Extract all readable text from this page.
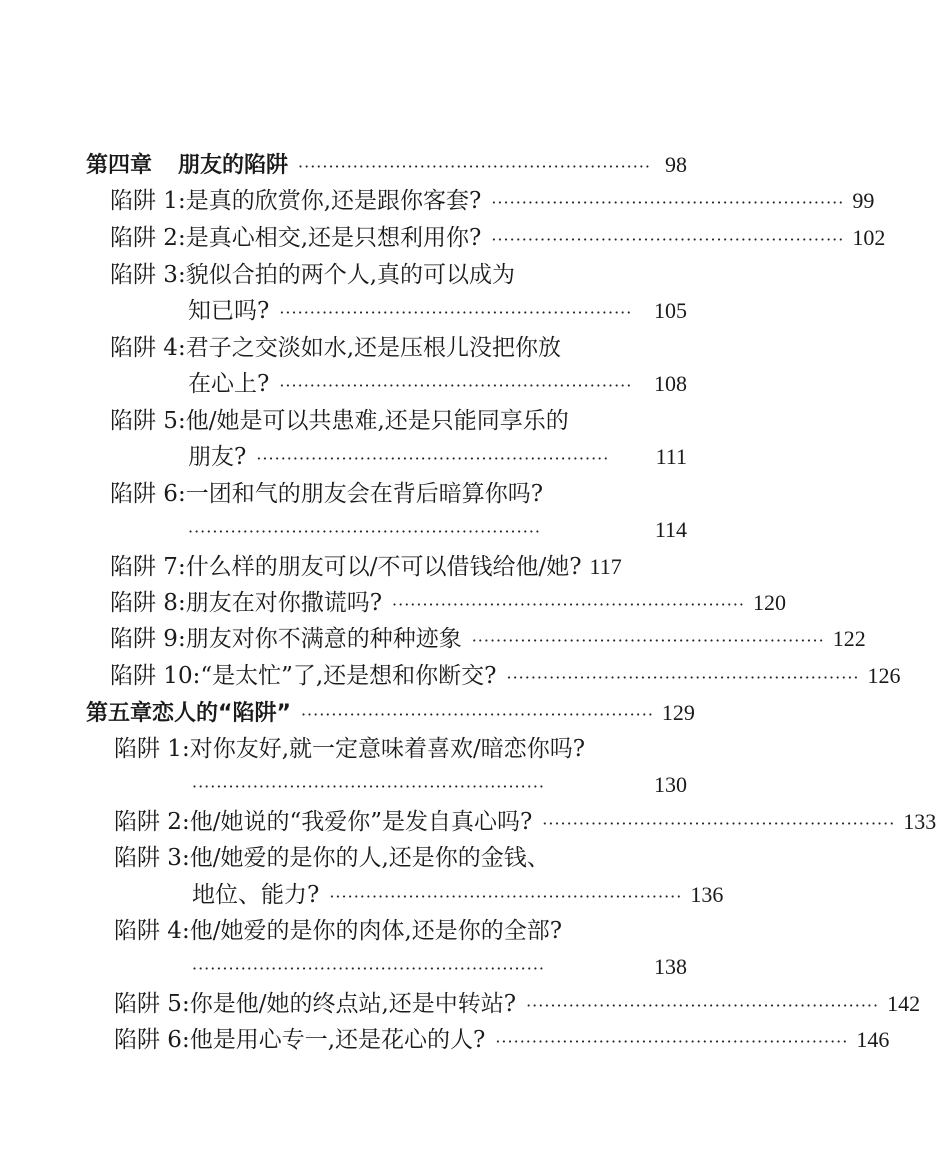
第四章 朋友的陷阱 ·························································· 98
陷阱 1:是真的欣赏你,还是跟你客套? ·························································· 99
陷阱 2:是真心相交,还是只想利用你? ·························································· 102
陷阱 3:貌似合拍的两个人,真的可以成为
知已吗? ·························································· 105
陷阱 4:君子之交淡如水,还是压根儿没把你放
在心上? ·························································· 108
陷阱 5:他/她是可以共患难,还是只能同享乐的
朋友? ··························································	111
陷阱 6:一团和气的朋友会在背后暗算你吗?
··························································	114
陷阱 7:什么样的朋友可以/不可以借钱给他/她? 117
陷阱 8:朋友在对你撒谎吗? ·························································· 120
陷阱 9:朋友对你不满意的种种迹象 ·························································· 122
陷阱 10:“是太忙”了,还是想和你断交? ·························································· 126
第五章 恋人的“陷阱” ·························································· 129
陷阱 1:对你友好,就一定意味着喜欢/暗恋你吗?
··························································	130
陷阱 2:他/她说的“我爱你”是发自真心吗? ·························································· 133
陷阱 3:他/她爱的是你的人,还是你的金钱、
地位、能力? ·························································· 136
陷阱 4:他/她爱的是你的肉体,还是你的全部?
··························································	138
陷阱 5:你是他/她的终点站,还是中转站? ·························································· 142
陷阱 6:他是用心专一,还是花心的人? ·························································· 146
